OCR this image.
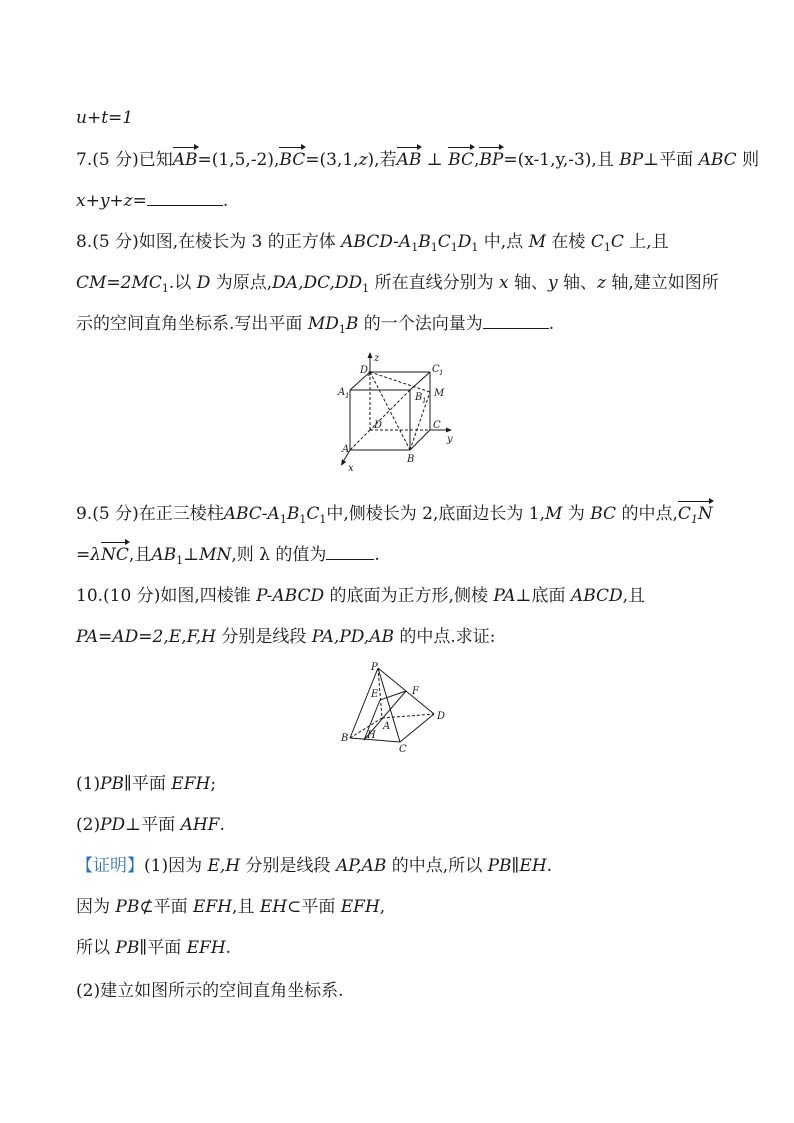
u+t=1
7.(5 分)已知AB=(1,5,-2),BC=(3,1,z),若AB ⊥ BC,BP=(x-1,y,-3),且 BP⊥平面 ABC 则
x+y+z=	.
8.(5 分)如图,在棱长为 3 的正方体 ABCD-$A_1B_1C_1D_1$ 中,点 M 在棱 $C_1C$ 上,且
$CM=2MC_1$.以 D 为原点$,DA,DC,DD_1$ 所在直线分别为 x 轴、y 轴、z 轴,建立如图所
示的空间直角坐标系.写出平面 $MD_1B$ 的一个法向量为	.
z
D
1	C 1
A 1	B 1
M
D	C
y
A
B
x
9.(5 分)在正三棱柱ABC-$A_1B_1C_1$中,侧棱长为 2,底面边长为 1,M 为 BC 的中点$,C_1N$
=λNC,且$AB_1\perp MN$,则 λ 的值为	.
10.(10 分)如图,四棱锥 P-ABCD 的底面为正方形,侧棱 PA⊥底面 ABCD,且
PA=AD=2,E,F,H 分别是线段 PA,PD,AB 的中点.求证:
P
E	F
D
A
B H
C
(1)PB∥平面 EFH;
(2)PD⊥平面 AHF.
【证明】(1)因为 E,H 分别是线段 AP,AB 的中点,所以 PB∥EH.
因为 PB⊄平面 EFH,且 EH⊂平面 EFH,
所以 PB∥平面 EFH.
(2)建立如图所示的空间直角坐标系.
